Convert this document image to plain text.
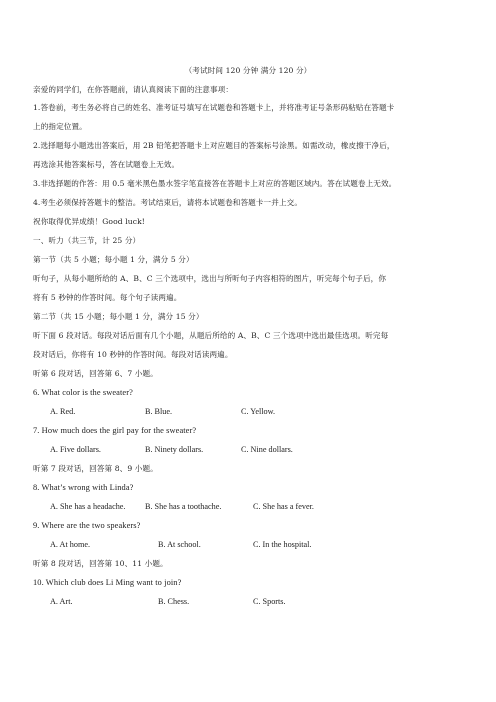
（考试时间 120 分钟 满分 120 分）
亲爱的同学们，在你答题前，请认真阅读下面的注意事项：
1.答卷前，考生务必将自己的姓名、准考证号填写在试题卷和答题卡上，并将准考证号条形码粘贴在答题卡
上的指定位置。
2.选择题每小题选出答案后，用 2B 铅笔把答题卡上对应题目的答案标号涂黑。如需改动，橡皮擦干净后，
再选涂其他答案标号，答在试题卷上无效。
3.非选择题的作答：用 0.5 毫米黑色墨水签字笔直接答在答题卡上对应的答题区域内。答在试题卷上无效。
4.考生必须保持答题卡的整洁。考试结束后，请将本试题卷和答题卡一并上交。
祝你取得优异成绩！Good luck!
一、听力（共三节，计 25 分）
第一节（共 5 小题；每小题 1 分，满分 5 分）
听句子，从每小题所给的 A、B、C 三个选项中，选出与所听句子内容相符的图片，听完每个句子后，你
将有 5 秒钟的作答时间。每个句子读两遍。
第二节（共 15 小题；每小题 1 分，满分 15 分）
听下面 6 段对话。每段对话后面有几个小题，从题后所给的 A、B、C 三个选项中选出最佳选项。听完每
段对话后，你将有 10 秒钟的作答时间。每段对话读两遍。
听第 6 段对话，回答第 6、7 小题。
6. What color is the sweater?
A. Red.	B. Blue.	C. Yellow.
7. How much does the girl pay for the sweater?
A. Five dollars.	B. Ninety dollars.	C. Nine dollars.
听第 7 段对话，回答第 8、9 小题。
8. What’s wrong with Linda?
A. She has a headache. B. She has a toothache.	C. She has a fever.
9. Where are the two speakers?
A. At home.	B. At school.	C. In the hospital.
听第 8 段对话，回答第 10、11 小题。
10. Which club does Li Ming want to join?
A. Art.	B. Chess.	C. Sports.
